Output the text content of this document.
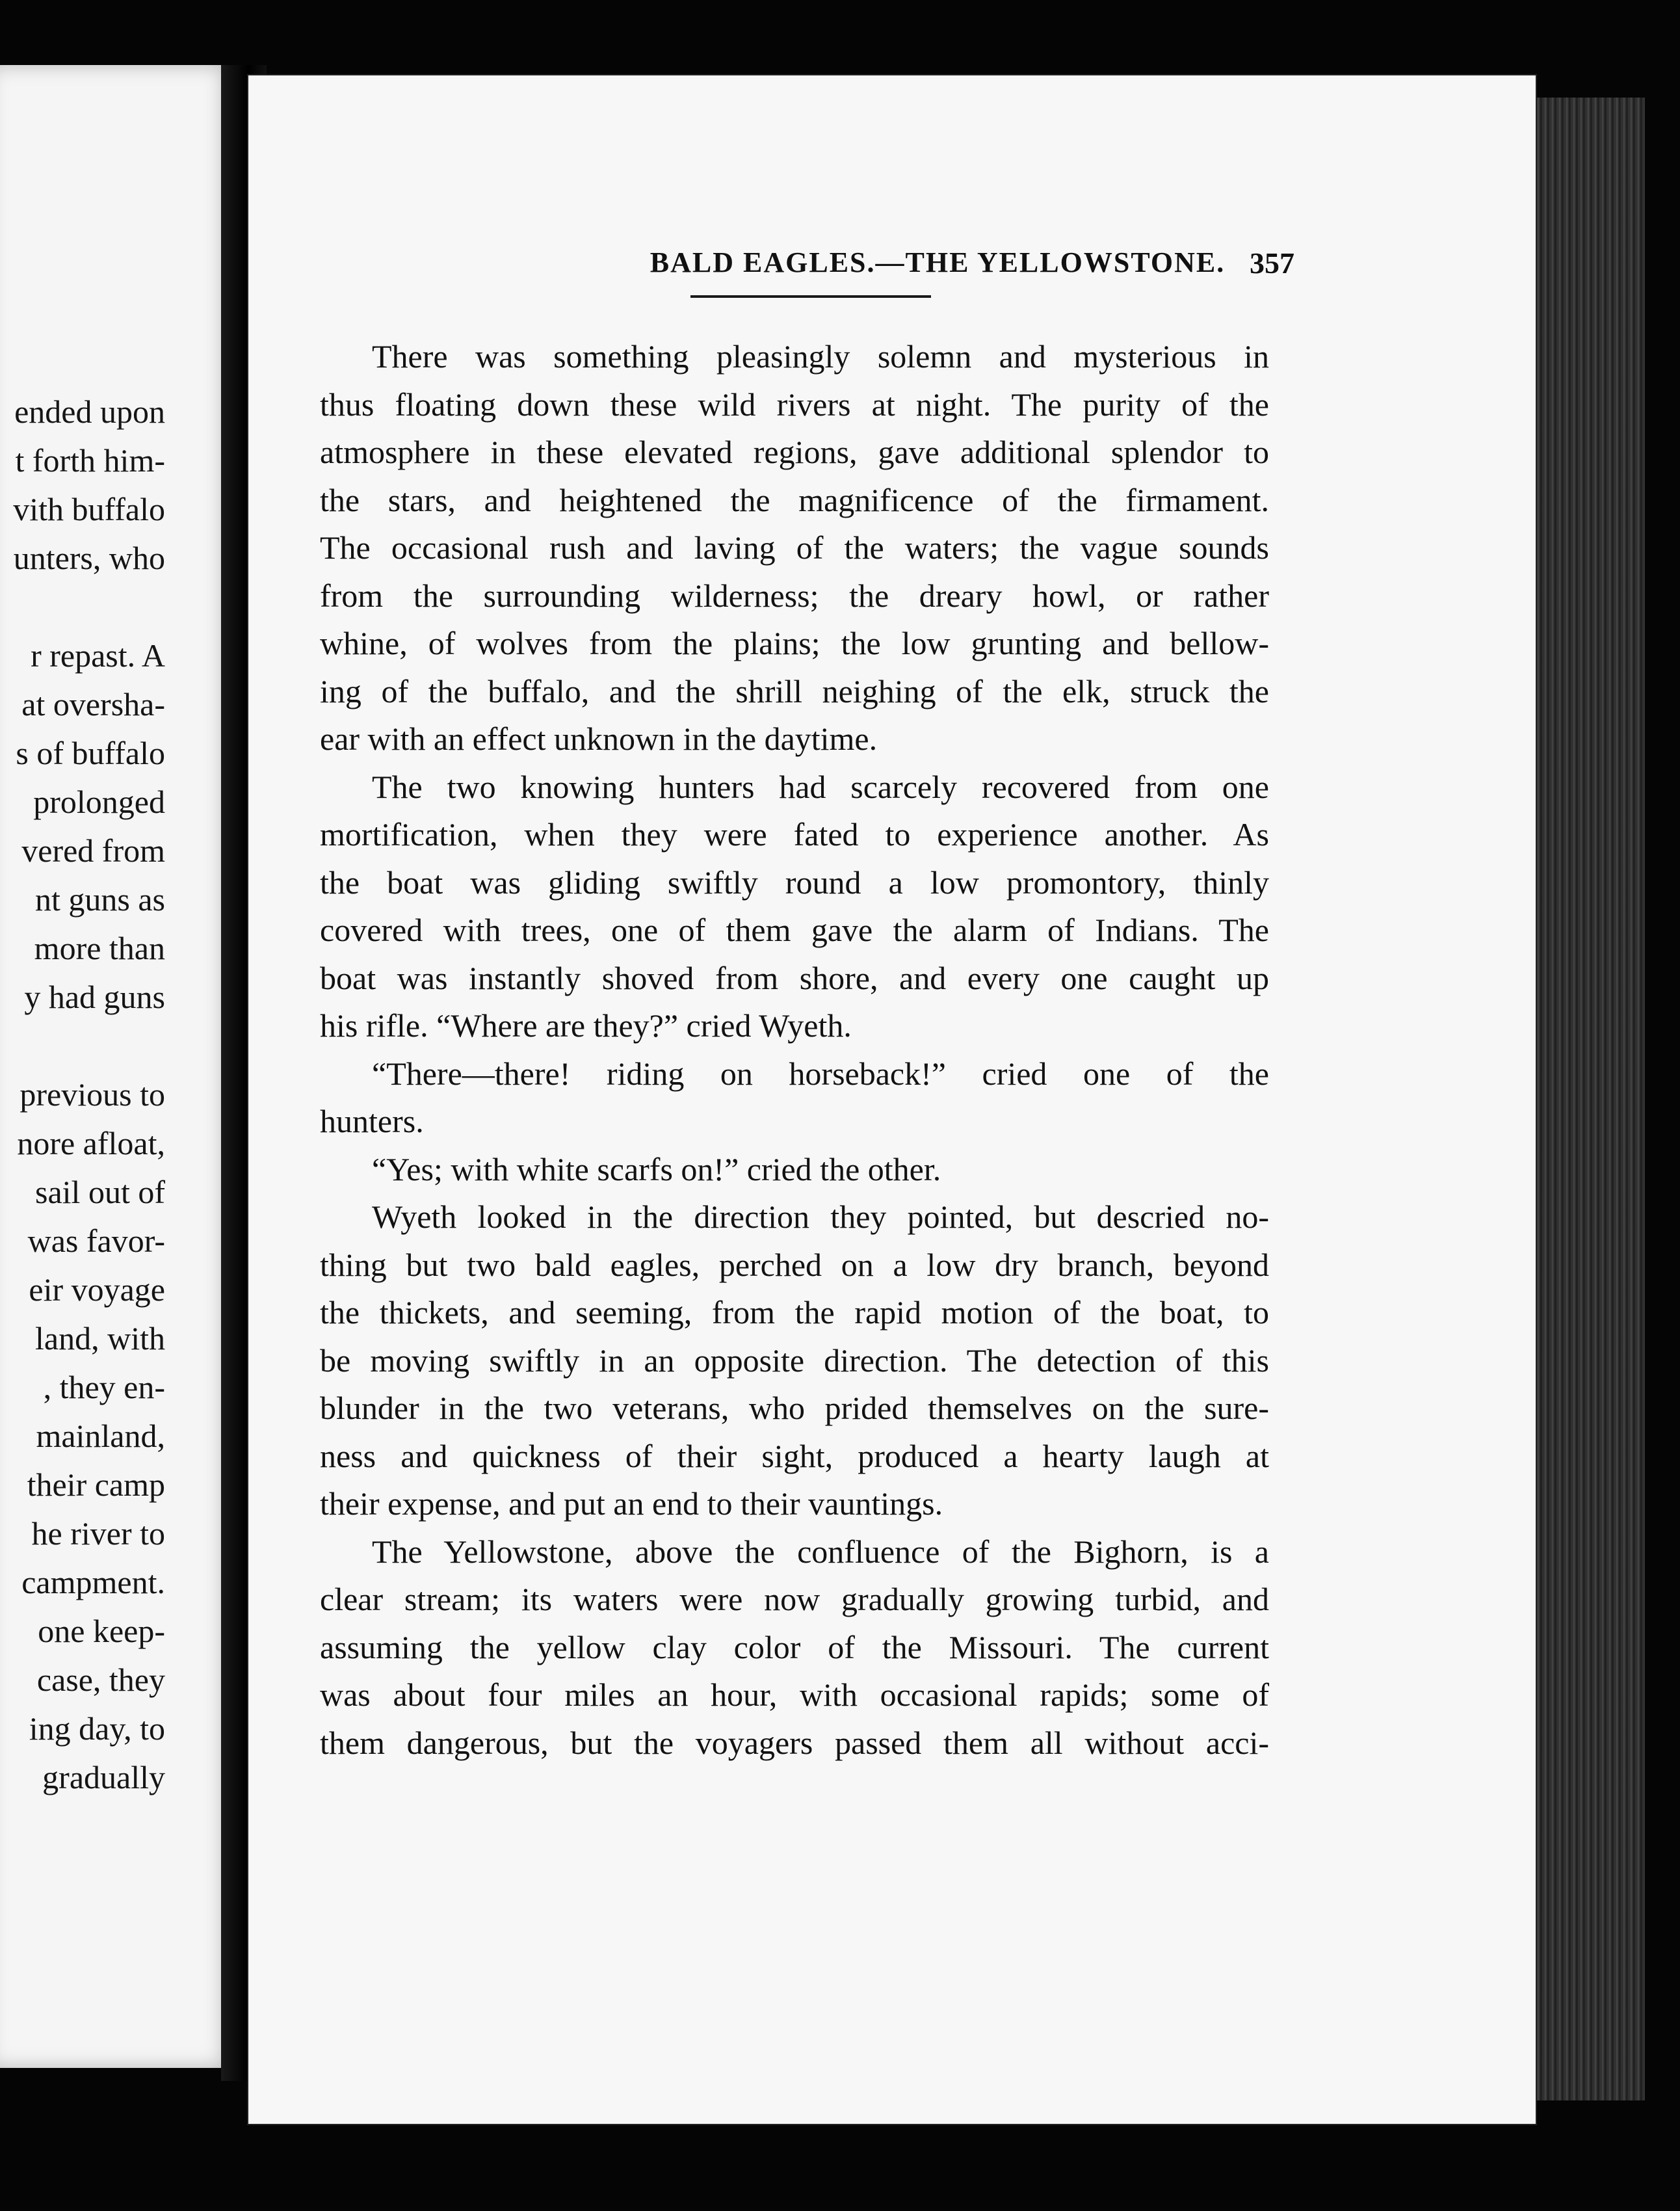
ended upon
t forth him-
vith buffalo
unters, who
r repast. A
at oversha-
s of buffalo
prolonged
vered from
nt guns as
more than
y had guns
previous to
nore afloat,
sail out of
was favor-
eir voyage
land, with
, they en-
mainland,
their camp
he river to
campment.
one keep-
case, they
ing day, to
gradually
BALD EAGLES.—THE YELLOWSTONE. 357
There was something pleasingly solemn and mysterious in
thus floating down these wild rivers at night. The purity of the
atmosphere in these elevated regions, gave additional splendor to
the stars, and heightened the magnificence of the firmament.
The occasional rush and laving of the waters; the vague sounds
from the surrounding wilderness; the dreary howl, or rather
whine, of wolves from the plains; the low grunting and bellow-
ing of the buffalo, and the shrill neighing of the elk, struck the
ear with an effect unknown in the daytime.
The two knowing hunters had scarcely recovered from one
mortification, when they were fated to experience another. As
the boat was gliding swiftly round a low promontory, thinly
covered with trees, one of them gave the alarm of Indians. The
boat was instantly shoved from shore, and every one caught up
his rifle. “Where are they?” cried Wyeth.
“There—there! riding on horseback!” cried one of the
hunters.
“Yes; with white scarfs on!” cried the other.
Wyeth looked in the direction they pointed, but descried no-
thing but two bald eagles, perched on a low dry branch, beyond
the thickets, and seeming, from the rapid motion of the boat, to
be moving swiftly in an opposite direction. The detection of this
blunder in the two veterans, who prided themselves on the sure-
ness and quickness of their sight, produced a hearty laugh at
their expense, and put an end to their vauntings.
The Yellowstone, above the confluence of the Bighorn, is a
clear stream; its waters were now gradually growing turbid, and
assuming the yellow clay color of the Missouri. The current
was about four miles an hour, with occasional rapids; some of
them dangerous, but the voyagers passed them all without acci-
